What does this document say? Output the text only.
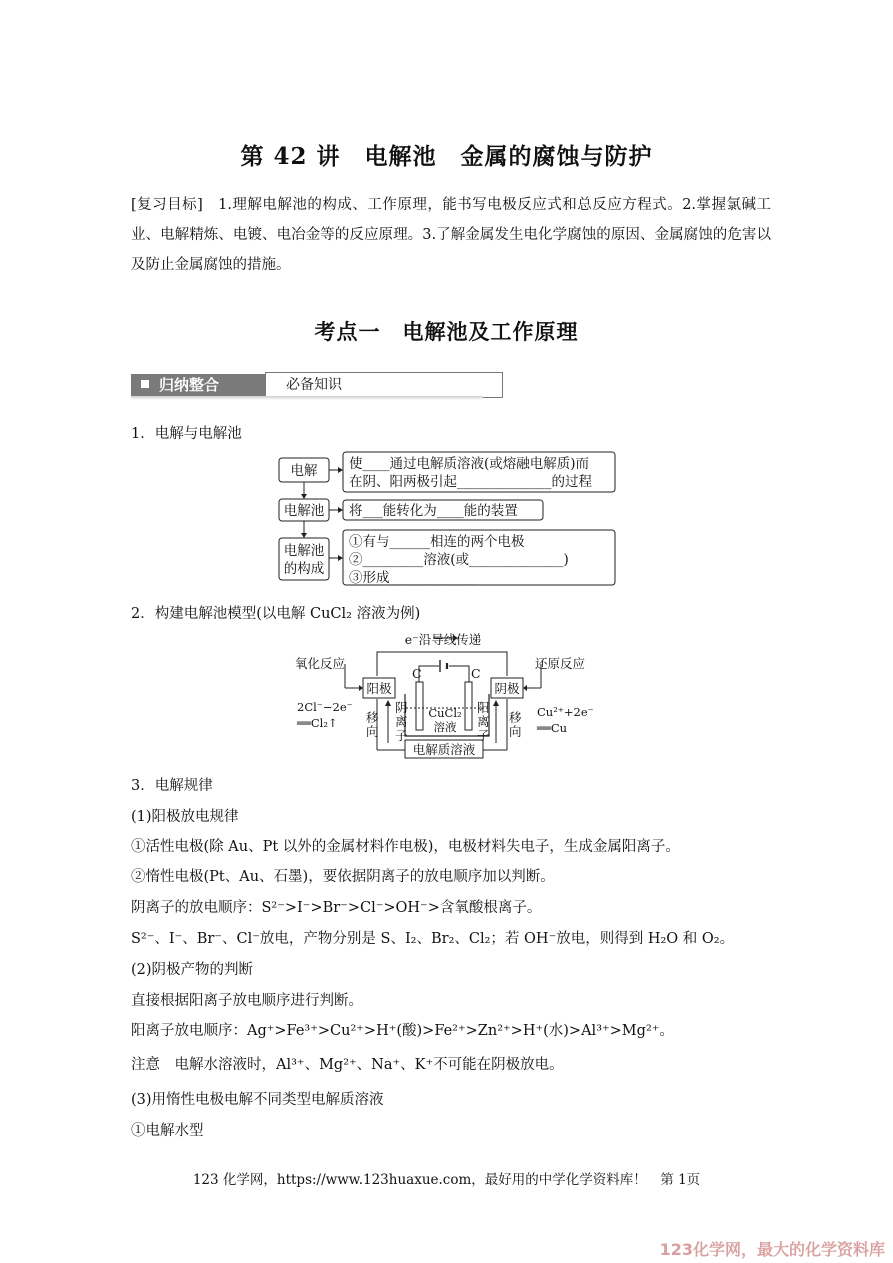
第 42 讲　电解池　金属的腐蚀与防护
[复习目标] 1.理解电解池的构成、工作原理，能书写电极反应式和总反应方程式。2.掌握氯碱工业、电解精炼、电镀、电冶金等的反应原理。3.了解金属发生电化学腐蚀的原因、金属腐蚀的危害以及防止金属腐蚀的措施。
考点一　电解池及工作原理
归纳整合	必备知识
1．电解与电解池
电解 使____通过电解质溶液(或熔融电解质)而
在阴、阳两极引起______________的过程
电解池 将___能转化为____能的装置
电解池
的构成
①有与______相连的两个电极
②_________溶液(或______________)
③形成_____________
2．构建电解池模型(以电解 CuCl₂ 溶液为例)
e⁻沿导线传递
氧化反应	还原反应
阳极	阴极
2Cl⁻−2e⁻
══Cl₂↑
Cu²⁺+2e⁻
══Cu
C	C
CuCl₂
溶液
阴
离
子
移
向
阳
离
子
移
向
电解质溶液
3．电解规律
(1)阳极放电规律
①活性电极(除 Au、Pt 以外的金属材料作电极)，电极材料失电子，生成金属阳离子。
②惰性电极(Pt、Au、石墨)，要依据阴离子的放电顺序加以判断。
阴离子的放电顺序：S²⁻>I⁻>Br⁻>Cl⁻>OH⁻>含氧酸根离子。
S²⁻、I⁻、Br⁻、Cl⁻放电，产物分别是 S、I₂、Br₂、Cl₂；若 OH⁻放电，则得到 H₂O 和 O₂。
(2)阴极产物的判断
直接根据阳离子放电顺序进行判断。
阳离子放电顺序：Ag⁺>Fe³⁺>Cu²⁺>H⁺(酸)>Fe²⁺>Zn²⁺>H⁺(水)>Al³⁺>Mg²⁺。
注意　电解水溶液时，Al³⁺、Mg²⁺、Na⁺、K⁺不可能在阴极放电。
(3)用惰性电极电解不同类型电解质溶液
①电解水型
123 化学网，https://www.123huaxue.com，最好用的中学化学资料库！　第 1页
123化学网，最大的化学资料库
